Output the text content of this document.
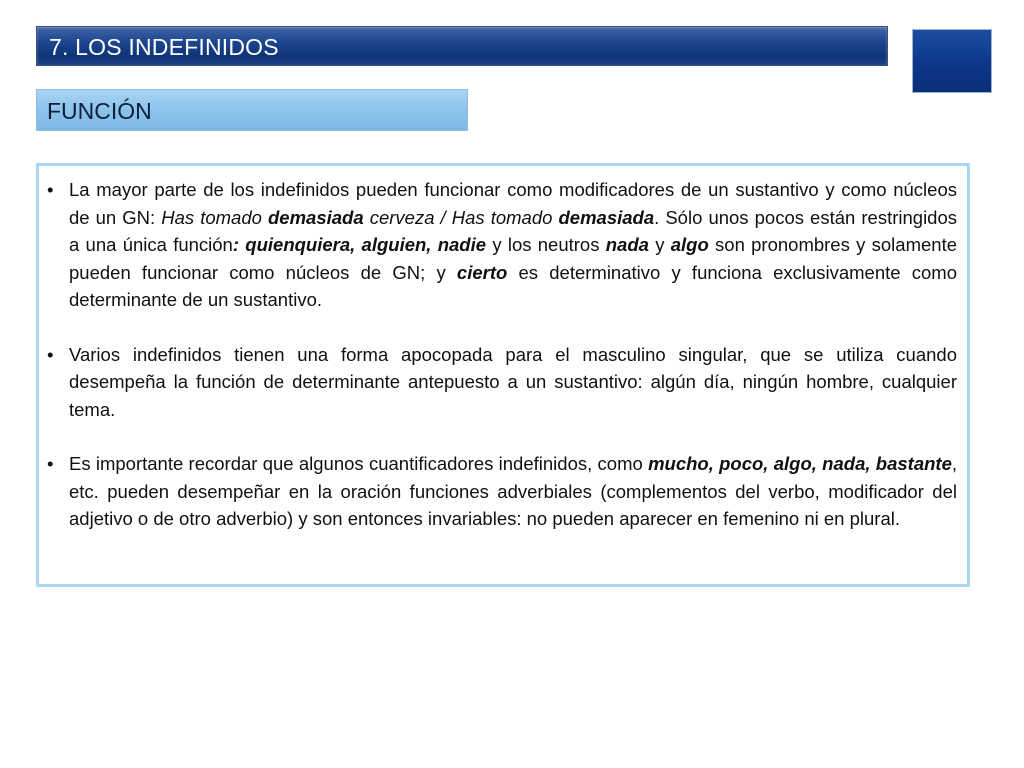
7. LOS INDEFINIDOS
FUNCIÓN
• La mayor parte de los indefinidos pueden funcionar como modificadores de un sustantivo y como núcleos de un GN: Has tomado demasiada cerveza / Has tomado demasiada. Sólo unos pocos están restringidos a una única función: quienquiera, alguien, nadie y los neutros nada y algo son pronombres y solamente pueden funcionar como núcleos de GN; y cierto es determinativo y funciona exclusivamente como determinante de un sustantivo.
• Varios indefinidos tienen una forma apocopada para el masculino singular, que se utiliza cuando desempeña la función de determinante antepuesto a un sustantivo: algún día, ningún hombre, cualquier tema.
• Es importante recordar que algunos cuantificadores indefinidos, como mucho, poco, algo, nada, bastante, etc. pueden desempeñar en la oración funciones adverbiales (complementos del verbo, modificador del adjetivo o de otro adverbio) y son entonces invariables: no pueden aparecer en femenino ni en plural.
